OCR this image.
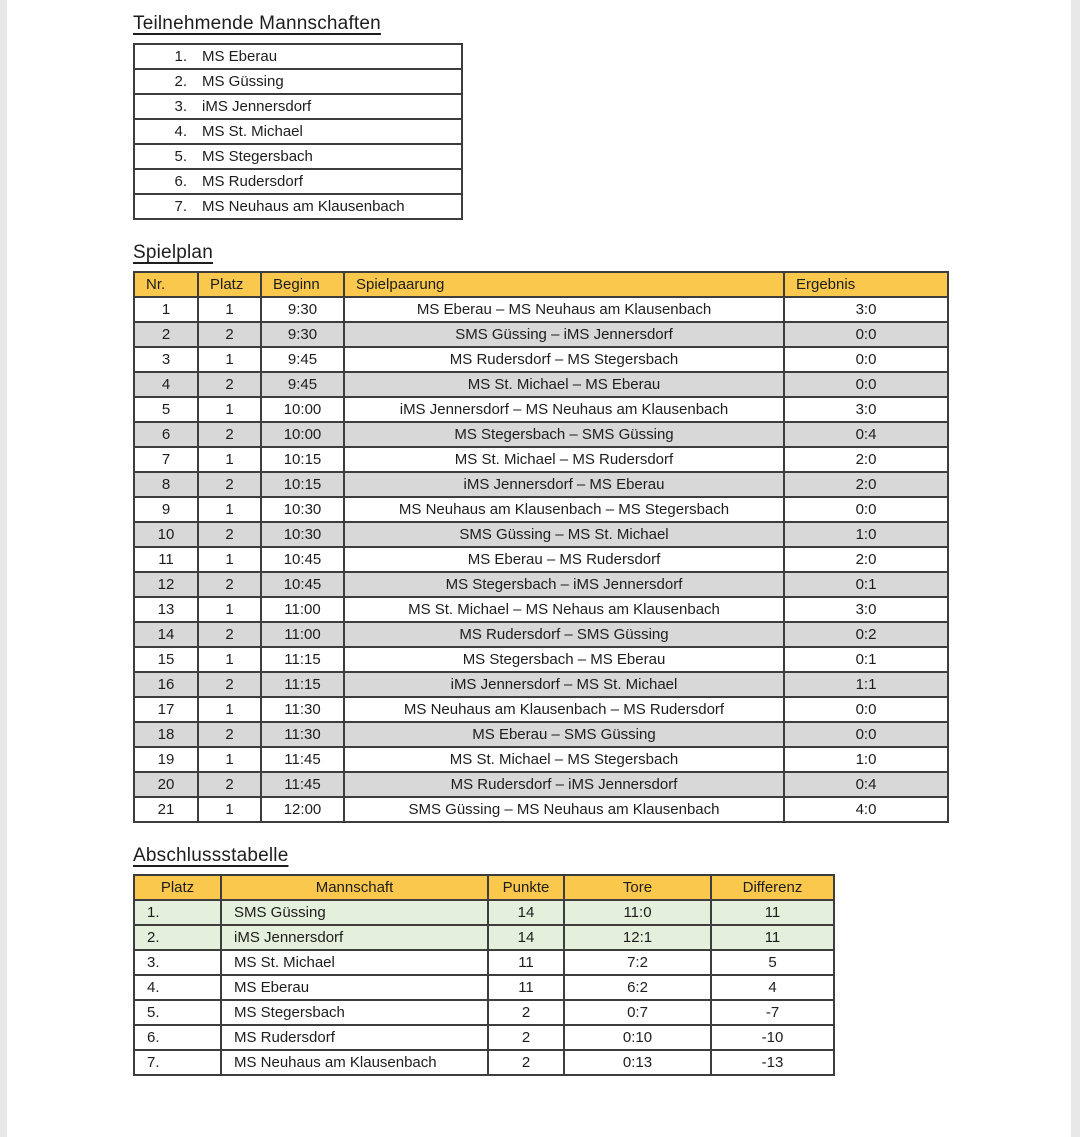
Teilnehmende Mannschaften
1. MS Eberau
2. MS Güssing
3. iMS Jennersdorf
4. MS St. Michael
5. MS Stegersbach
6. MS Rudersdorf
7. MS Neuhaus am Klausenbach
Spielplan
Nr.	Platz	Beginn	Spielpaarung	Ergebnis
1	1	9:30	MS Eberau – MS Neuhaus am Klausenbach	3:0
2	2	9:30	SMS Güssing – iMS Jennersdorf	0:0
3	1	9:45	MS Rudersdorf – MS Stegersbach	0:0
4	2	9:45	MS St. Michael – MS Eberau	0:0
5	1	10:00	iMS Jennersdorf – MS Neuhaus am Klausenbach	3:0
6	2	10:00	MS Stegersbach – SMS Güssing	0:4
7	1	10:15	MS St. Michael – MS Rudersdorf	2:0
8	2	10:15	iMS Jennersdorf – MS Eberau	2:0
9	1	10:30	MS Neuhaus am Klausenbach – MS Stegersbach	0:0
10	2	10:30	SMS Güssing – MS St. Michael	1:0
11	1	10:45	MS Eberau – MS Rudersdorf	2:0
12	2	10:45	MS Stegersbach – iMS Jennersdorf	0:1
13	1	11:00	MS St. Michael – MS Nehaus am Klausenbach	3:0
14	2	11:00	MS Rudersdorf – SMS Güssing	0:2
15	1	11:15	MS Stegersbach – MS Eberau	0:1
16	2	11:15	iMS Jennersdorf – MS St. Michael	1:1
17	1	11:30	MS Neuhaus am Klausenbach – MS Rudersdorf	0:0
18	2	11:30	MS Eberau – SMS Güssing	0:0
19	1	11:45	MS St. Michael – MS Stegersbach	1:0
20	2	11:45	MS Rudersdorf – iMS Jennersdorf	0:4
21	1	12:00	SMS Güssing – MS Neuhaus am Klausenbach	4:0
Abschlussstabelle
Platz	Mannschaft	Punkte	Tore	Differenz
1.	SMS Güssing	14	11:0	11
2.	iMS Jennersdorf	14	12:1	11
3.	MS St. Michael	11	7:2	5
4.	MS Eberau	11	6:2	4
5.	MS Stegersbach	2	0:7	-7
6.	MS Rudersdorf	2	0:10	-10
7.	MS Neuhaus am Klausenbach	2	0:13	-13
